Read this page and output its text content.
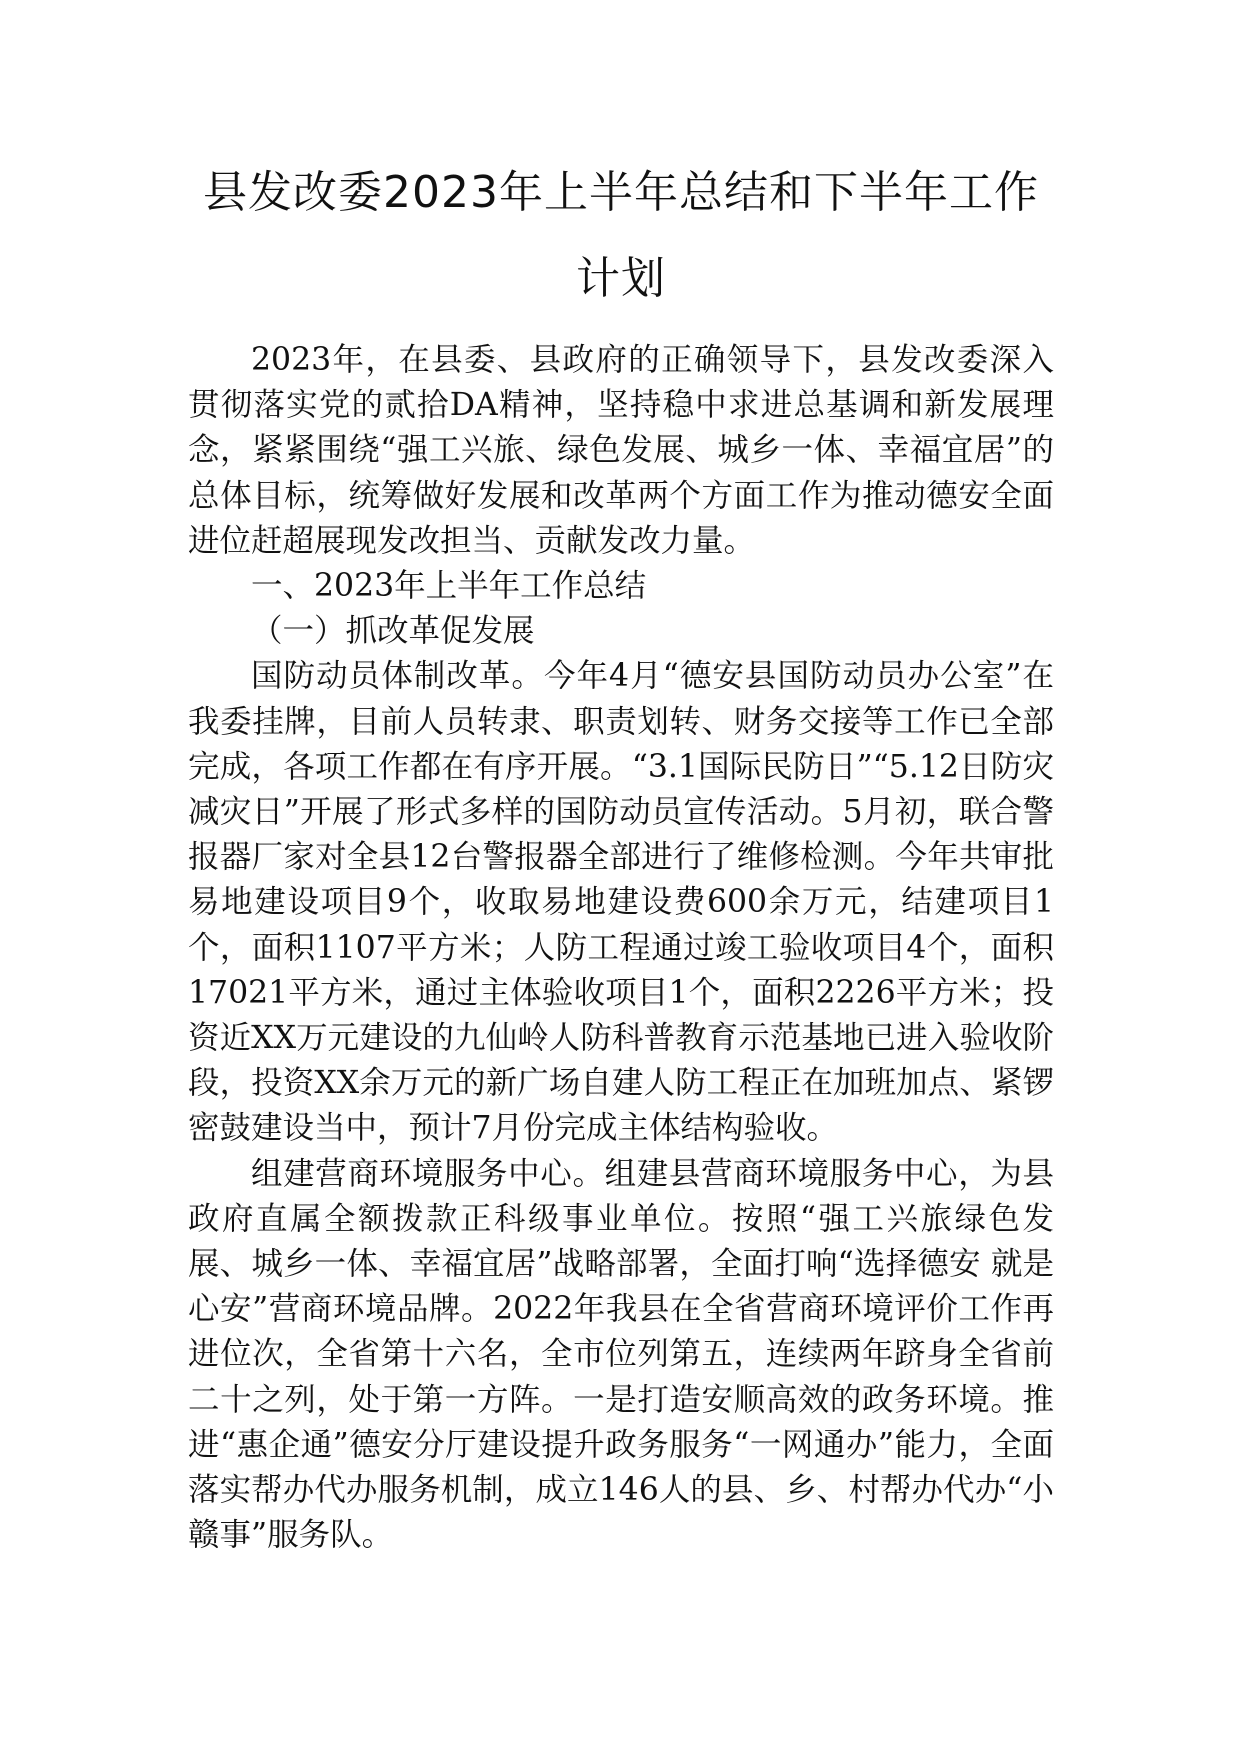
县发改委2023年上半年总结和下半年工作
计划

2023年，在县委、县政府的正确领导下，县发改委深入贯彻落实党的贰拾DA精神，坚持稳中求进总基调和新发展理念，紧紧围绕“强工兴旅、绿色发展、城乡一体、幸福宜居”的总体目标，统筹做好发展和改革两个方面工作为推动德安全面进位赶超展现发改担当、贡献发改力量。

一、2023年上半年工作总结

（一）抓改革促发展

国防动员体制改革。今年4月“德安县国防动员办公室”在我委挂牌，目前人员转隶、职责划转、财务交接等工作已全部完成，各项工作都在有序开展。“3.1国际民防日”“5.12日防灾减灾日”开展了形式多样的国防动员宣传活动。5月初，联合警报器厂家对全县12台警报器全部进行了维修检测。今年共审批易地建设项目9个，收取易地建设费600余万元，结建项目1个，面积1107平方米；人防工程通过竣工验收项目4个，面积17021平方米，通过主体验收项目1个，面积2226平方米；投资近XX万元建设的九仙岭人防科普教育示范基地已进入验收阶段，投资XX余万元的新广场自建人防工程正在加班加点、紧锣密鼓建设当中，预计7月份完成主体结构验收。

组建营商环境服务中心。组建县营商环境服务中心，为县政府直属全额拨款正科级事业单位。按照“强工兴旅绿色发展、城乡一体、幸福宜居”战略部署，全面打响“选择德安 就是心安”营商环境品牌。2022年我县在全省营商环境评价工作再进位次，全省第十六名，全市位列第五，连续两年跻身全省前二十之列，处于第一方阵。一是打造安顺高效的政务环境。推进“惠企通”德安分厅建设提升政务服务“一网通办”能力，全面落实帮办代办服务机制，成立146人的县、乡、村帮办代办“小赣事”服务队。
